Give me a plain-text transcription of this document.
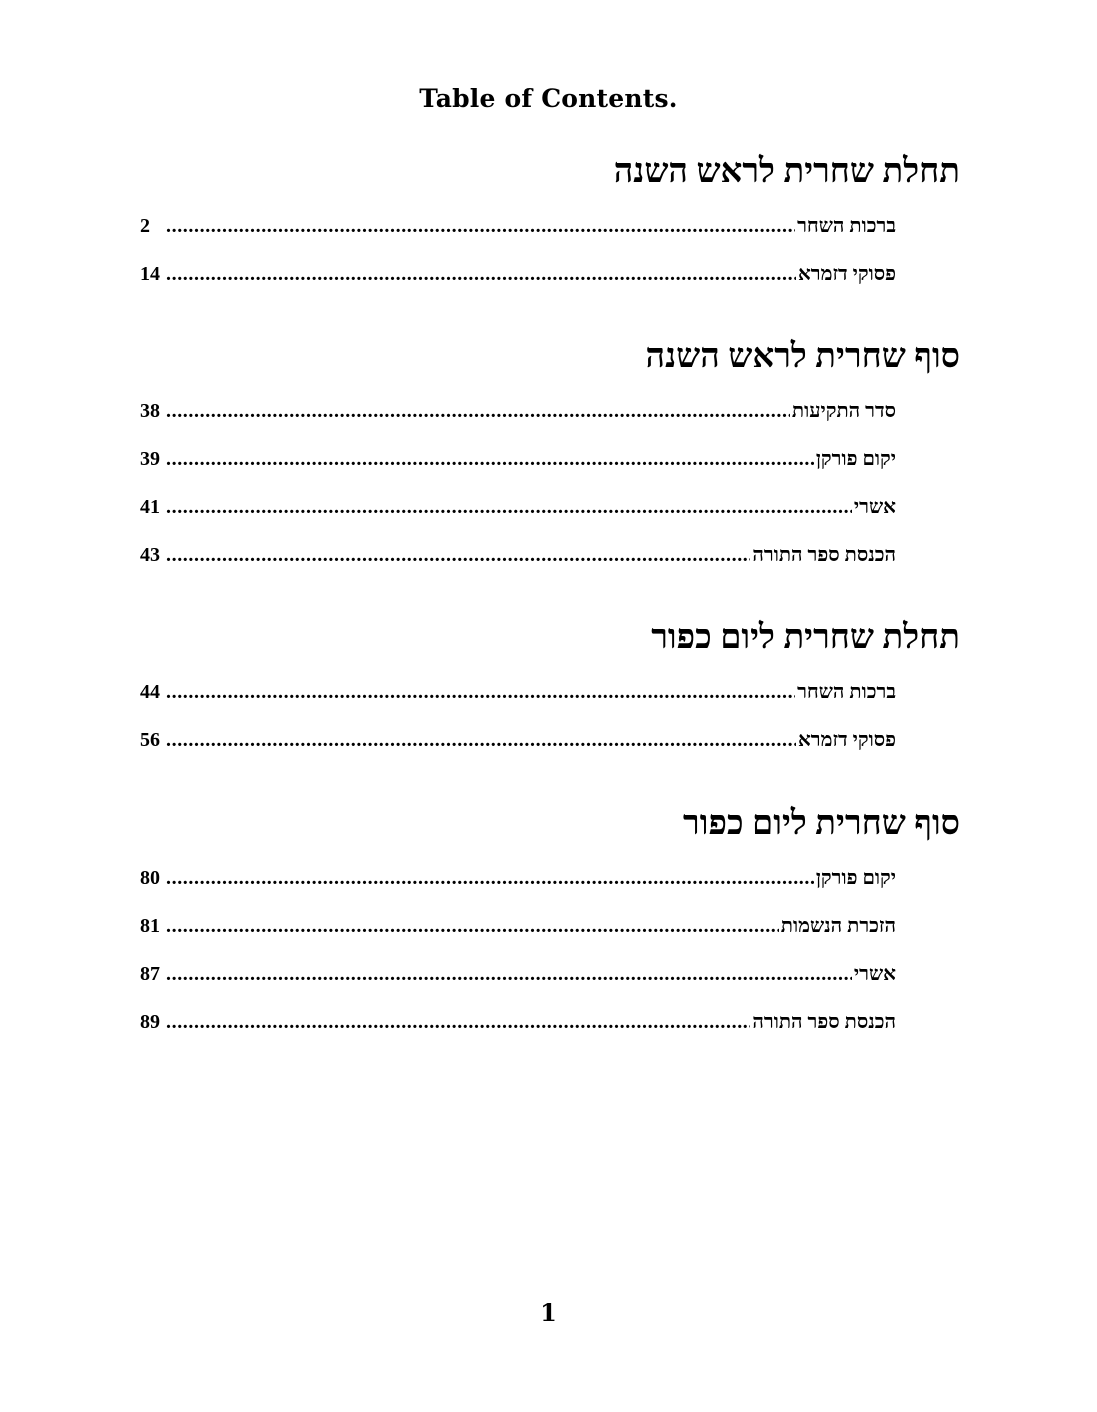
Table of Contents.
תחלת שחרית לראש השנה
ברכות השחר
.....
2
פסוקי דזמרא
.....
14
סוף שחרית לראש השנה
סדר התקיעות
.....
38
יקום פורקן
.....
39
אשרי
.....
41
הכנסת ספר התורה
.....
43
תחלת שחרית ליום כפור
ברכות השחר
.....
44
פסוקי דזמרא
.....
56
סוף שחרית ליום כפור
יקום פורקן
.....
80
הזכרת הנשמות
.....
81
אשרי
.....
87
הכנסת ספר התורה
.....
89
1
